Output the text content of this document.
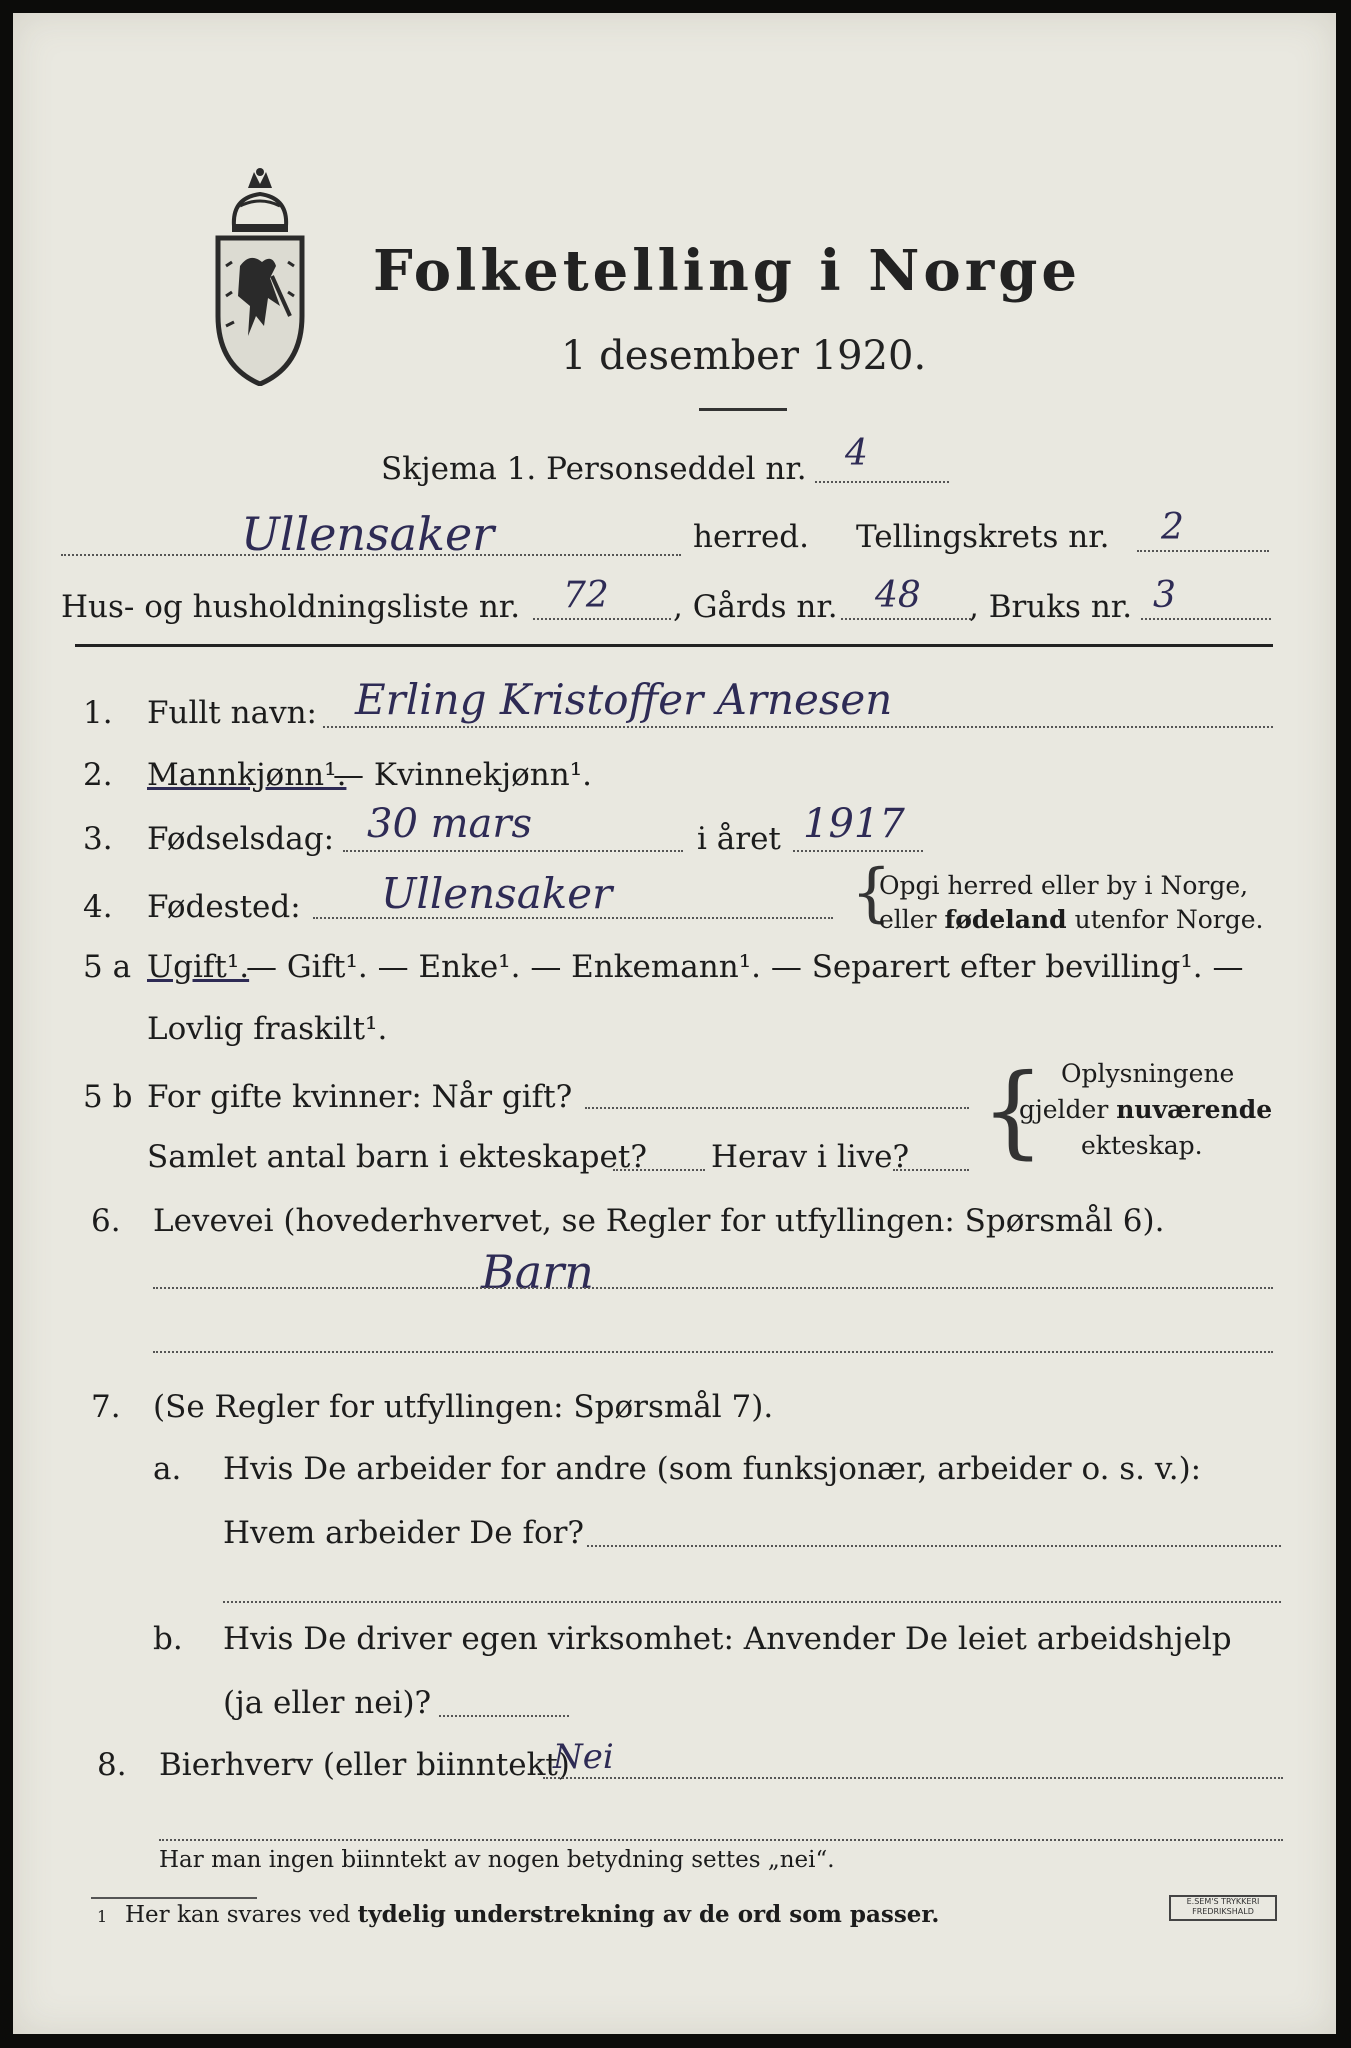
Folketelling i Norge
1 desember 1920.
Skjema 1. Personseddel nr. 4
Ullensaker	herred. Tellingskrets nr. 2
Hus- og husholdningsliste nr. 72 , Gårds nr. 48 , Bruks nr. 3
1. Fullt navn: Erling Kristoffer Arnesen
2. Mannkjønn¹.
— Kvinnekjønn¹.
3. Fødselsdag: 30 mars	i året 1917
4. Fødested: Ullensaker	{
Opgi herred eller by i Norge,
eller fødeland utenfor Norge.
5 a Ugift¹.
— Gift¹. — Enke¹. — Enkemann¹. — Separert efter bevilling¹. —
Lovlig fraskilt¹.
5 b For gifte kvinner: Når gift?
Samlet antal barn i ekteskapet? Herav i live? { Oplysningene
gjelder nuværende
ekteskap.
6. Levevei (hovederhvervet, se Regler for utfyllingen: Spørsmål 6).
Barn
7. (Se Regler for utfyllingen: Spørsmål 7).
a. Hvis De arbeider for andre (som funksjonær, arbeider o. s. v.):
Hvem arbeider De for?
b. Hvis De driver egen virksomhet: Anvender De leiet arbeidshjelp
(ja eller nei)?
8. Bierhverv (eller biinntekt)
Nei
Har man ingen biinntekt av nogen betydning settes „nei“.
1 Her kan svares ved tydelig understrekning av de ord som passer.	E.SEM'S TRYKKERI
FREDRIKSHALD
